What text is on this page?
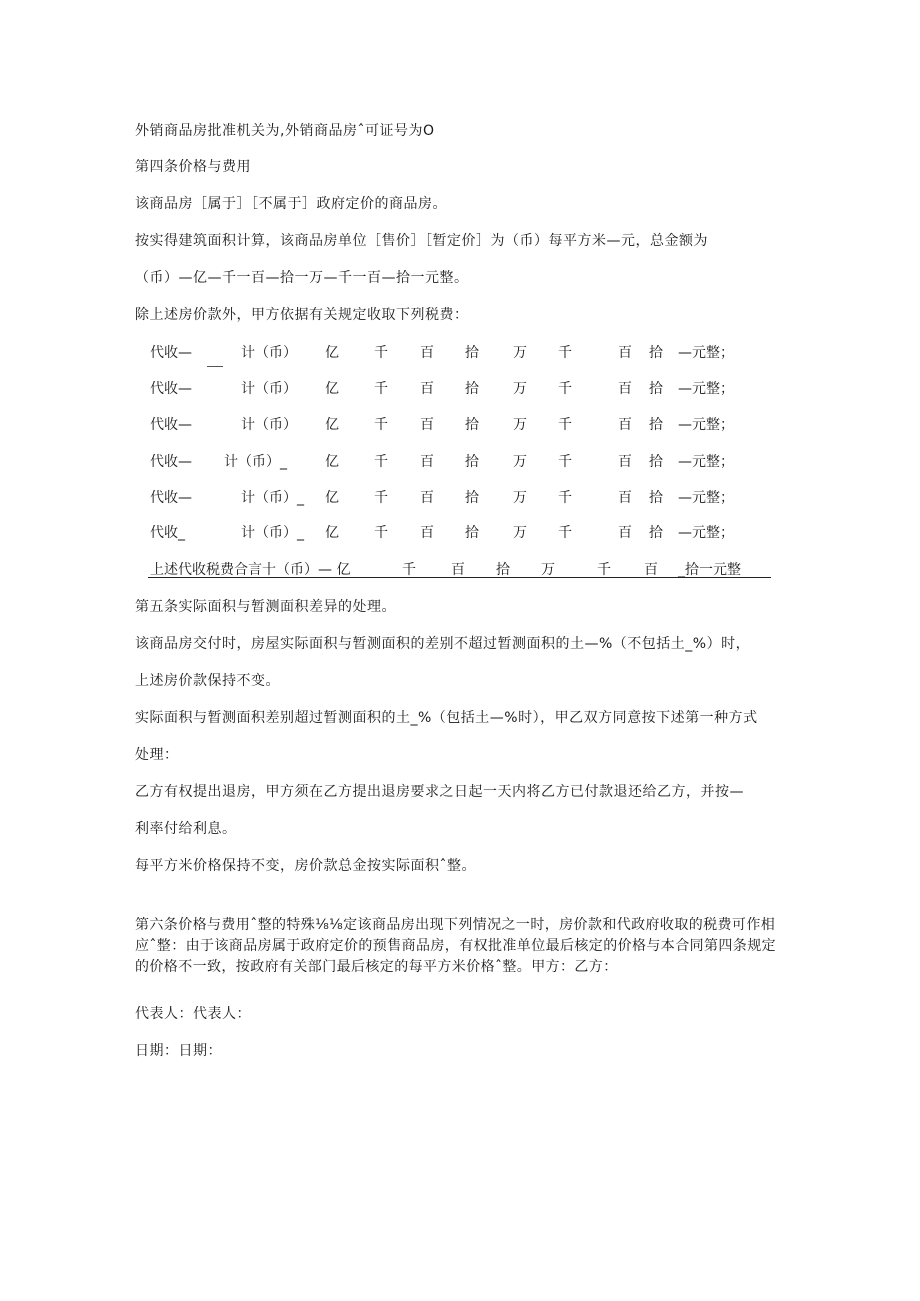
外销商品房批准机关为,外销商品房ˆ可证号为O
第四条价格与费用
该商品房［属于］［不属于］政府定价的商品房。
按实得建筑面积计算，该商品房单位［售价］［暂定价］为（币）每平方米—元，总金额为
（币）—亿—千一百—拾一万—千一百—拾一元整。
除上述房价款外，甲方依据有关规定收取下列税费：
代收—	计（币） 亿	千 百 拾 万 千	百 拾 —元整；
代收—	计（币） 亿	千 百 拾 万 千	百 拾 —元整；
代收—	计（币） 亿	千 百 拾 万 千	百 拾 —元整；
代收— 计（币）_	亿	千 百 拾 万 千	百 拾 —元整；
代收—	计（币）_ 亿	千 百 拾 万 千	百 拾 —元整；
代收_	计（币）_ 亿	千 百 拾 万 千	百 拾 —元整；
上述代收税费合言十（币）— 亿	千	百 拾 万	千 百 _拾一元整
第五条实际面积与暂测面积差异的处理。
该商品房交付时，房屋实际面积与暂测面积的差别不超过暂测面积的土—%（不包括土_%）时，
上述房价款保持不变。
实际面积与暂测面积差别超过暂测面积的土_%（包括土—%时），甲乙双方同意按下述第一种方式
处理：
乙方有权提出退房，甲方须在乙方提出退房要求之日起一天内将乙方已付款退还给乙方，并按—
利率付给利息。
每平方米价格保持不变，房价款总金按实际面积ˆ整。
第六条价格与费用ˆ整的特殊⅛⅛定该商品房出现下列情况之一时，房价款和代政府收取的税费可作相应ˆ整：由于该商品房属于政府定价的预售商品房，有权批准单位最后核定的价格与本合同第四条规定的价格不一致，按政府有关部门最后核定的每平方米价格ˆ整。甲方：乙方：
代表人：代表人：
日期：日期：
